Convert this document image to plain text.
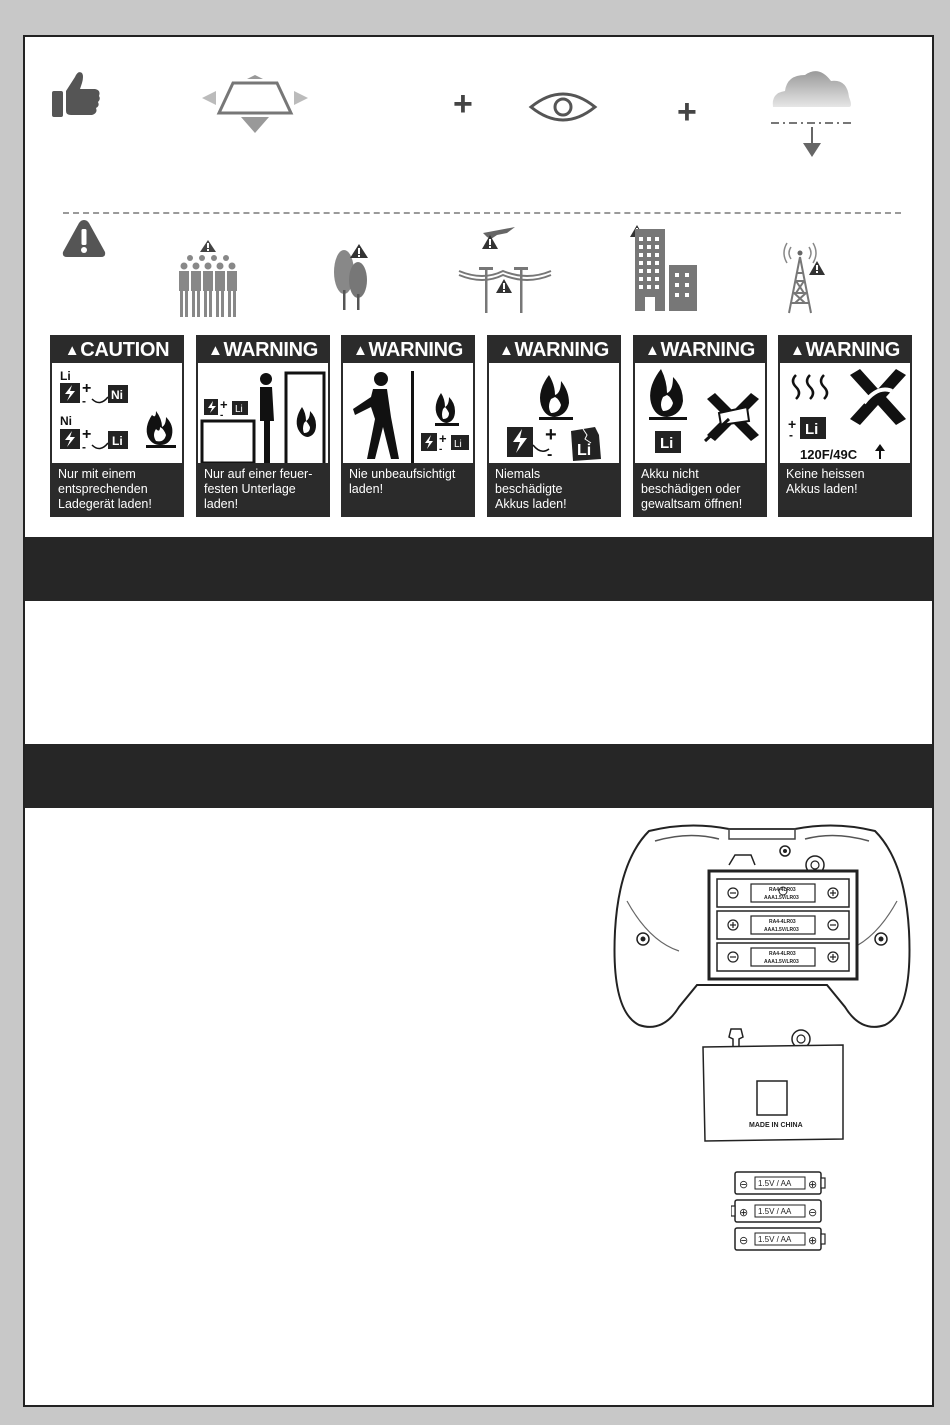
+	+
▲CAUTION
Li
+
- Ni
Ni
+
- Li
Nur mit einem
entsprechenden
Ladegerät laden!
▲WARNING
+
-
Li
Nur auf einer feuer-
festen Unterlage
laden!
▲WARNING
+
- Li
Nie unbeaufsichtigt
laden!
▲WARNING
+
- Li
Niemals
beschädigte
Akkus laden!
▲WARNING
Li
Akku nicht
beschädigen oder
gewaltsam öffnen!
▲WARNING
+
- Li
120F/49C
Keine heissen
Akkus laden!
RA4-4LR03
AAA1.5V/LR03
RA4-4LR03
AAA1.5V/LR03
RA4-4LR03
AAA1.5V/LR03
MADE IN CHINA
⊖	⊕
1.5V / AA
⊕	⊖
1.5V / AA
⊖	⊕
1.5V / AA
